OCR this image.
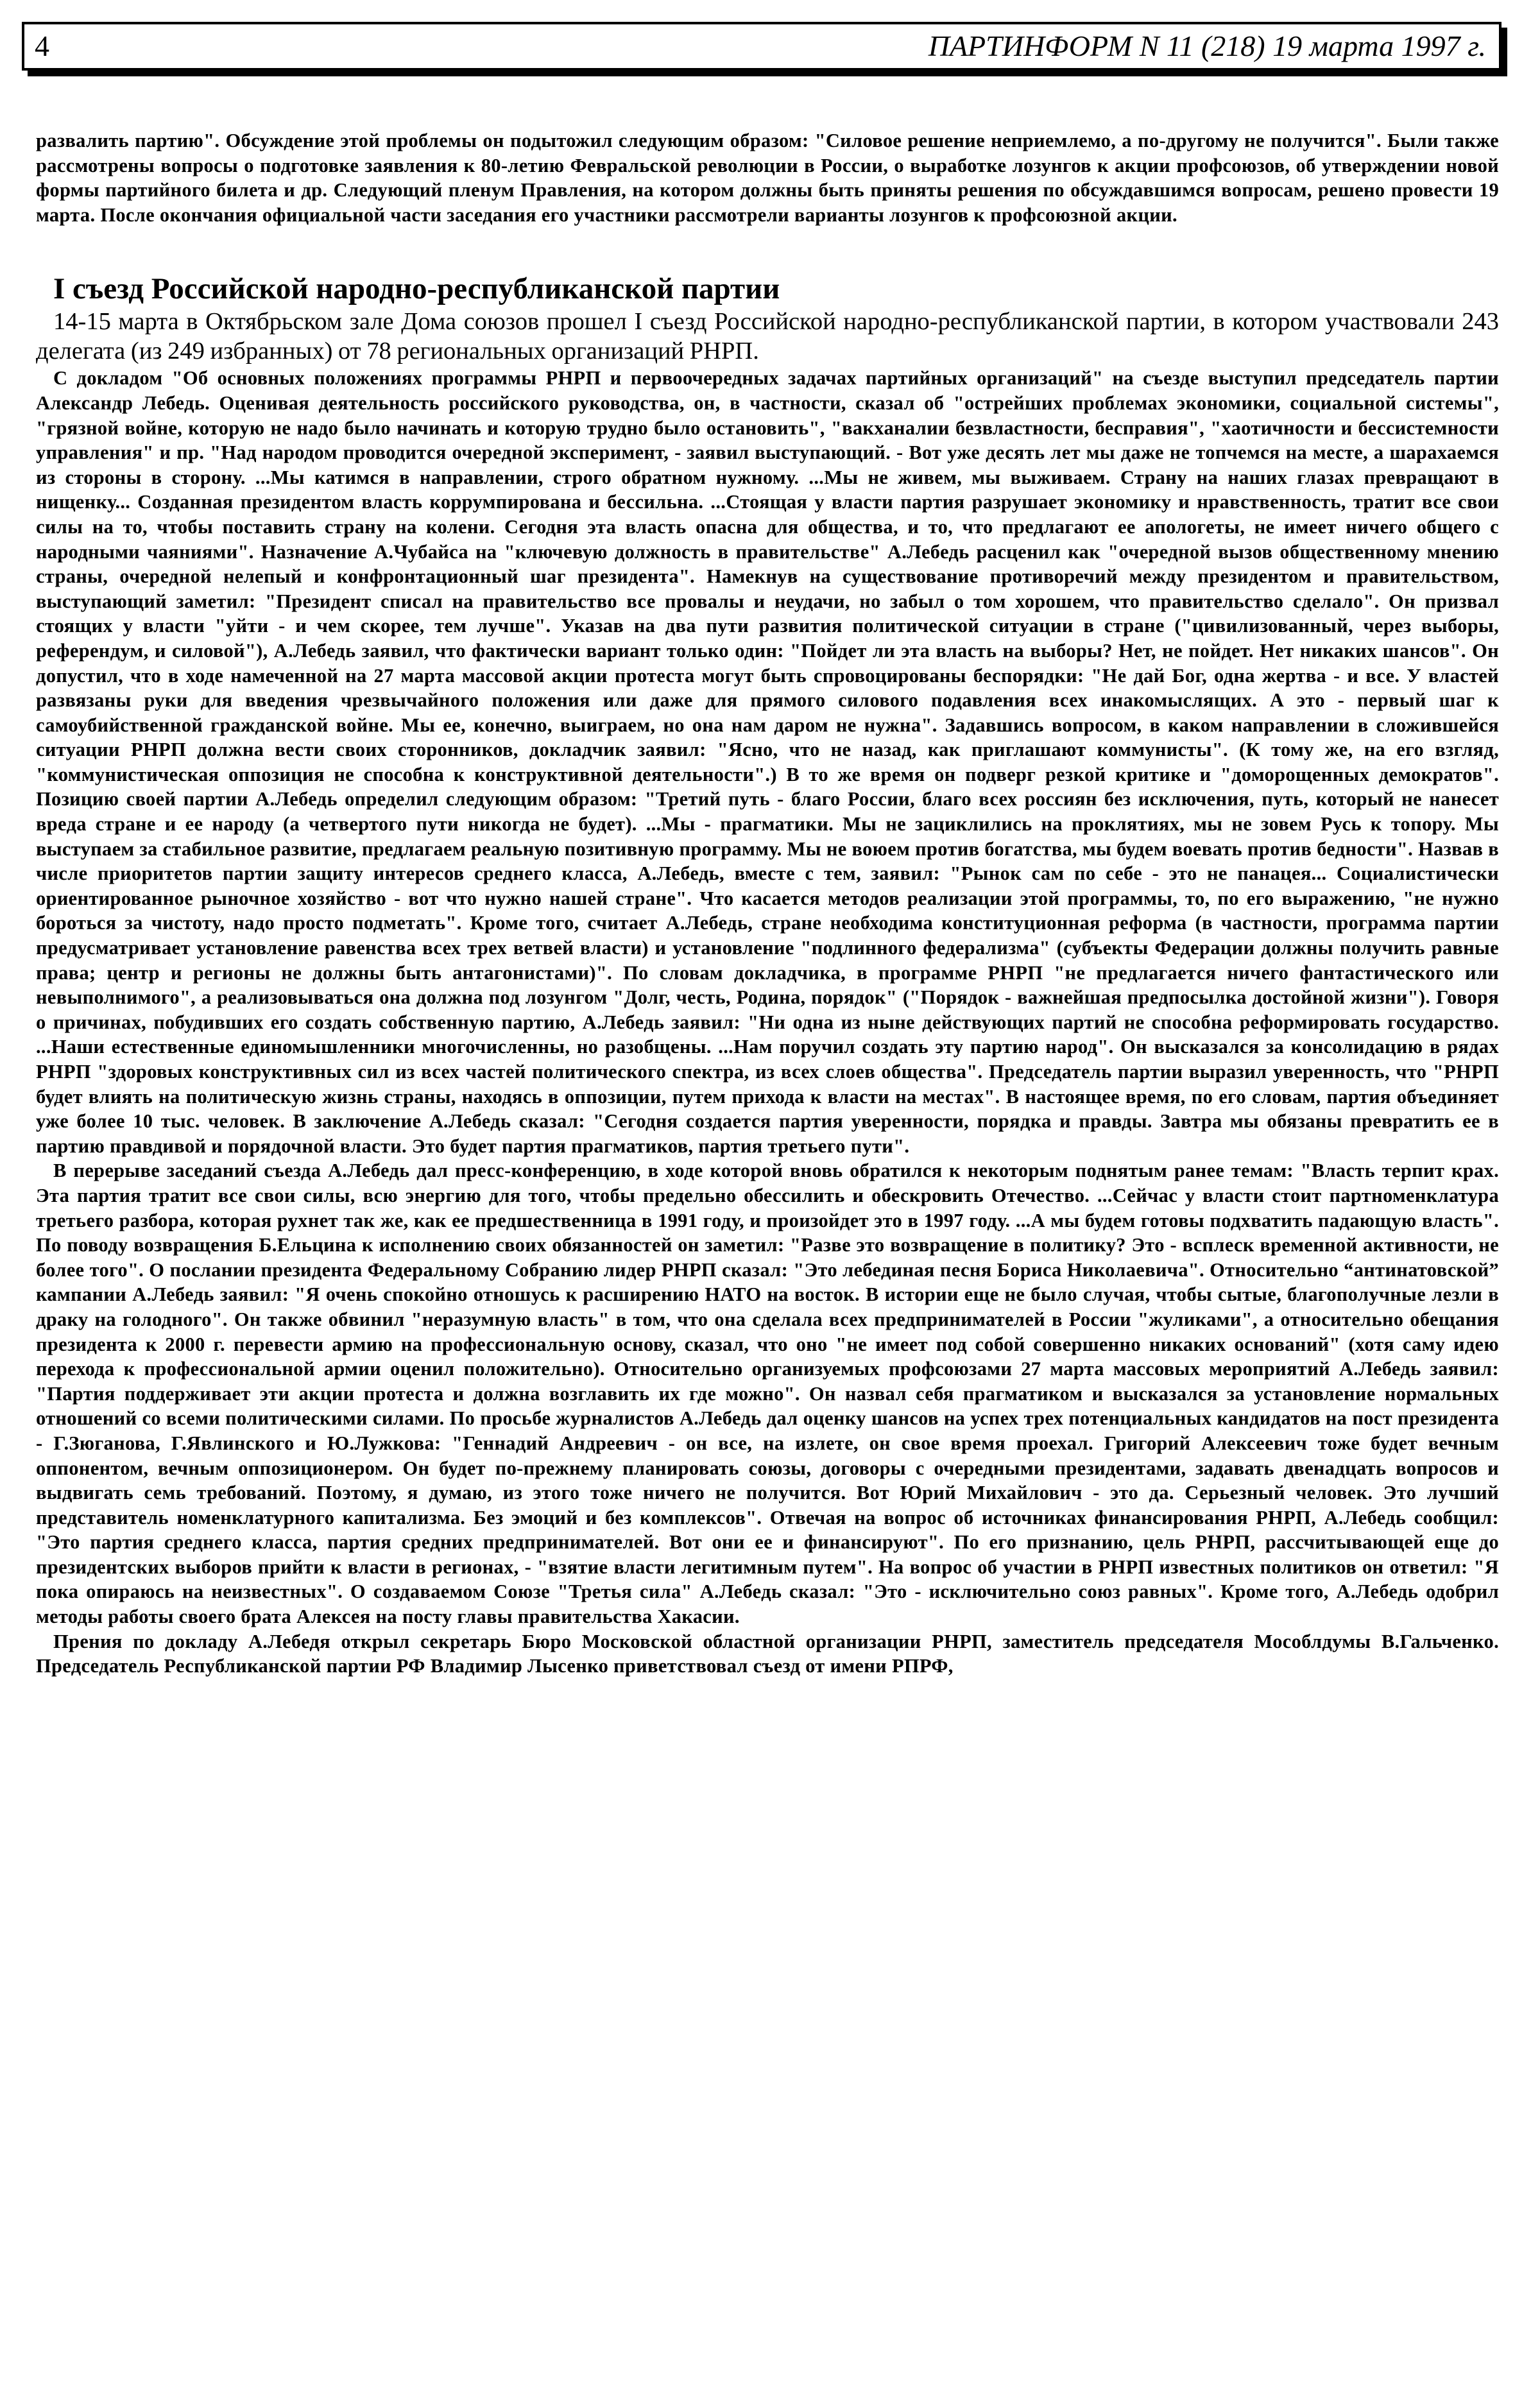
4	ПАРТИНФОРМ N 11 (218) 19 марта 1997 г.

развалить партию". Обсуждение этой проблемы он подытожил следующим образом: "Силовое решение неприемлемо, а по-другому не получится". Были также рассмотрены вопросы о подготовке заявления к 80-летию Февральской революции в России, о выработке лозунгов к акции профсоюзов, об утверждении новой формы партийного билета и др. Следующий пленум Правления, на котором должны быть приняты решения по обсуждавшимся вопросам, решено провести 19 марта. После окончания официальной части заседания его участники рассмотрели варианты лозунгов к профсоюзной акции.

I съезд Российской народно-республиканской партии

14-15 марта в Октябрьском зале Дома союзов прошел I съезд Российской народно-республиканской партии, в котором участвовали 243 делегата (из 249 избранных) от 78 региональных организаций РНРП.

С докладом "Об основных положениях программы РНРП и первоочередных задачах партийных организаций" на съезде выступил председатель партии Александр Лебедь. Оценивая деятельность российского руководства, он, в частности, сказал об "острейших проблемах экономики, социальной системы", "грязной войне, которую не надо было начинать и которую трудно было остановить", "вакханалии безвластности, бесправия", "хаотичности и бессистемности управления" и пр. "Над народом проводится очередной эксперимент, - заявил выступающий. - Вот уже десять лет мы даже не топчемся на месте, а шарахаемся из стороны в сторону. ...Мы катимся в направлении, строго обратном нужному. ...Мы не живем, мы выживаем. Страну на наших глазах превращают в нищенку... Созданная президентом власть коррумпирована и бессильна. ...Стоящая у власти партия разрушает экономику и нравственность, тратит все свои силы на то, чтобы поставить страну на колени. Сегодня эта власть опасна для общества, и то, что предлагают ее апологеты, не имеет ничего общего с народными чаяниями". Назначение А.Чубайса на "ключевую должность в правительстве" А.Лебедь расценил как "очередной вызов общественному мнению страны, очередной нелепый и конфронтационный шаг президента". Намекнув на существование противоречий между президентом и правительством, выступающий заметил: "Президент списал на правительство все провалы и неудачи, но забыл о том хорошем, что правительство сделало". Он призвал стоящих у власти "уйти - и чем скорее, тем лучше". Указав на два пути развития политической ситуации в стране ("цивилизованный, через выборы, референдум, и силовой"), А.Лебедь заявил, что фактически вариант только один: "Пойдет ли эта власть на выборы? Нет, не пойдет. Нет никаких шансов". Он допустил, что в ходе намеченной на 27 марта массовой акции протеста могут быть спровоцированы беспорядки: "Не дай Бог, одна жертва - и все. У властей развязаны руки для введения чрезвычайного положения или даже для прямого силового подавления всех инакомыслящих. А это - первый шаг к самоубийственной гражданской войне. Мы ее, конечно, выиграем, но она нам даром не нужна". Задавшись вопросом, в каком направлении в сложившейся ситуации РНРП должна вести своих сторонников, докладчик заявил: "Ясно, что не назад, как приглашают коммунисты". (К тому же, на его взгляд, "коммунистическая оппозиция не способна к конструктивной деятельности".) В то же время он подверг резкой критике и "доморощенных демократов". Позицию своей партии А.Лебедь определил следующим образом: "Третий путь - благо России, благо всех россиян без исключения, путь, который не нанесет вреда стране и ее народу (а четвертого пути никогда не будет). ...Мы - прагматики. Мы не зациклились на проклятиях, мы не зовем Русь к топору. Мы выступаем за стабильное развитие, предлагаем реальную позитивную программу. Мы не воюем против богатства, мы будем воевать против бедности". Назвав в числе приоритетов партии защиту интересов среднего класса, А.Лебедь, вместе с тем, заявил: "Рынок сам по себе - это не панацея... Социалистически ориентированное рыночное хозяйство - вот что нужно нашей стране". Что касается методов реализации этой программы, то, по его выражению, "не нужно бороться за чистоту, надо просто подметать". Кроме того, считает А.Лебедь, стране необходима конституционная реформа (в частности, программа партии предусматривает установление равенства всех трех ветвей власти) и установление "подлинного федерализма" (субъекты Федерации должны получить равные права; центр и регионы не должны быть антагонистами)". По словам докладчика, в программе РНРП "не предлагается ничего фантастического или невыполнимого", а реализовываться она должна под лозунгом "Долг, честь, Родина, порядок" ("Порядок - важнейшая предпосылка достойной жизни"). Говоря о причинах, побудивших его создать собственную партию, А.Лебедь заявил: "Ни одна из ныне действующих партий не способна реформировать государство. ...Наши естественные единомышленники многочисленны, но разобщены. ...Нам поручил создать эту партию народ". Он высказался за консолидацию в рядах РНРП "здоровых конструктивных сил из всех частей политического спектра, из всех слоев общества". Председатель партии выразил уверенность, что "РНРП будет влиять на политическую жизнь страны, находясь в оппозиции, путем прихода к власти на местах". В настоящее время, по его словам, партия объединяет уже более 10 тыс. человек. В заключение А.Лебедь сказал: "Сегодня создается партия уверенности, порядка и правды. Завтра мы обязаны превратить ее в партию правдивой и порядочной власти. Это будет партия прагматиков, партия третьего пути".

В перерыве заседаний съезда А.Лебедь дал пресс-конференцию, в ходе которой вновь обратился к некоторым поднятым ранее темам: "Власть терпит крах. Эта партия тратит все свои силы, всю энергию для того, чтобы предельно обессилить и обескровить Отечество. ...Сейчас у власти стоит партноменклатура третьего разбора, которая рухнет так же, как ее предшественница в 1991 году, и произойдет это в 1997 году. ...А мы будем готовы подхватить падающую власть". По поводу возвращения Б.Ельцина к исполнению своих обязанностей он заметил: "Разве это возвращение в политику? Это - всплеск временной активности, не более того". О послании президента Федеральному Собранию лидер РНРП сказал: "Это лебединая песня Бориса Николаевича". Относительно “антинатовской” кампании А.Лебедь заявил: "Я очень спокойно отношусь к расширению НАТО на восток. В истории еще не было случая, чтобы сытые, благополучные лезли в драку на голодного". Он также обвинил "неразумную власть" в том, что она сделала всех предпринимателей в России "жуликами", а относительно обещания президента к 2000 г. перевести армию на профессиональную основу, сказал, что оно "не имеет под собой совершенно никаких оснований" (хотя саму идею перехода к профессиональной армии оценил положительно). Относительно организуемых профсоюзами 27 марта массовых мероприятий А.Лебедь заявил: "Партия поддерживает эти акции протеста и должна возглавить их где можно". Он назвал себя прагматиком и высказался за установление нормальных отношений со всеми политическими силами. По просьбе журналистов А.Лебедь дал оценку шансов на успех трех потенциальных кандидатов на пост президента - Г.Зюганова, Г.Явлинского и Ю.Лужкова: "Геннадий Андреевич - он все, на излете, он свое время проехал. Григорий Алексеевич тоже будет вечным оппонентом, вечным оппозиционером. Он будет по-прежнему планировать союзы, договоры с очередными президентами, задавать двенадцать вопросов и выдвигать семь требований. Поэтому, я думаю, из этого тоже ничего не получится. Вот Юрий Михайлович - это да. Серьезный человек. Это лучший представитель номенклатурного капитализма. Без эмоций и без комплексов". Отвечая на вопрос об источниках финансирования РНРП, А.Лебедь сообщил: "Это партия среднего класса, партия средних предпринимателей. Вот они ее и финансируют". По его признанию, цель РНРП, рассчитывающей еще до президентских выборов прийти к власти в регионах, - "взятие власти легитимным путем". На вопрос об участии в РНРП известных политиков он ответил: "Я пока опираюсь на неизвестных". О создаваемом Союзе "Третья сила" А.Лебедь сказал: "Это - исключительно союз равных". Кроме того, А.Лебедь одобрил методы работы своего брата Алексея на посту главы правительства Хакасии.

Прения по докладу А.Лебедя открыл секретарь Бюро Московской областной организации РНРП, заместитель председателя Мособлдумы В.Гальченко. Председатель Республиканской партии РФ Владимир Лысенко приветствовал съезд от имени РПРФ,
